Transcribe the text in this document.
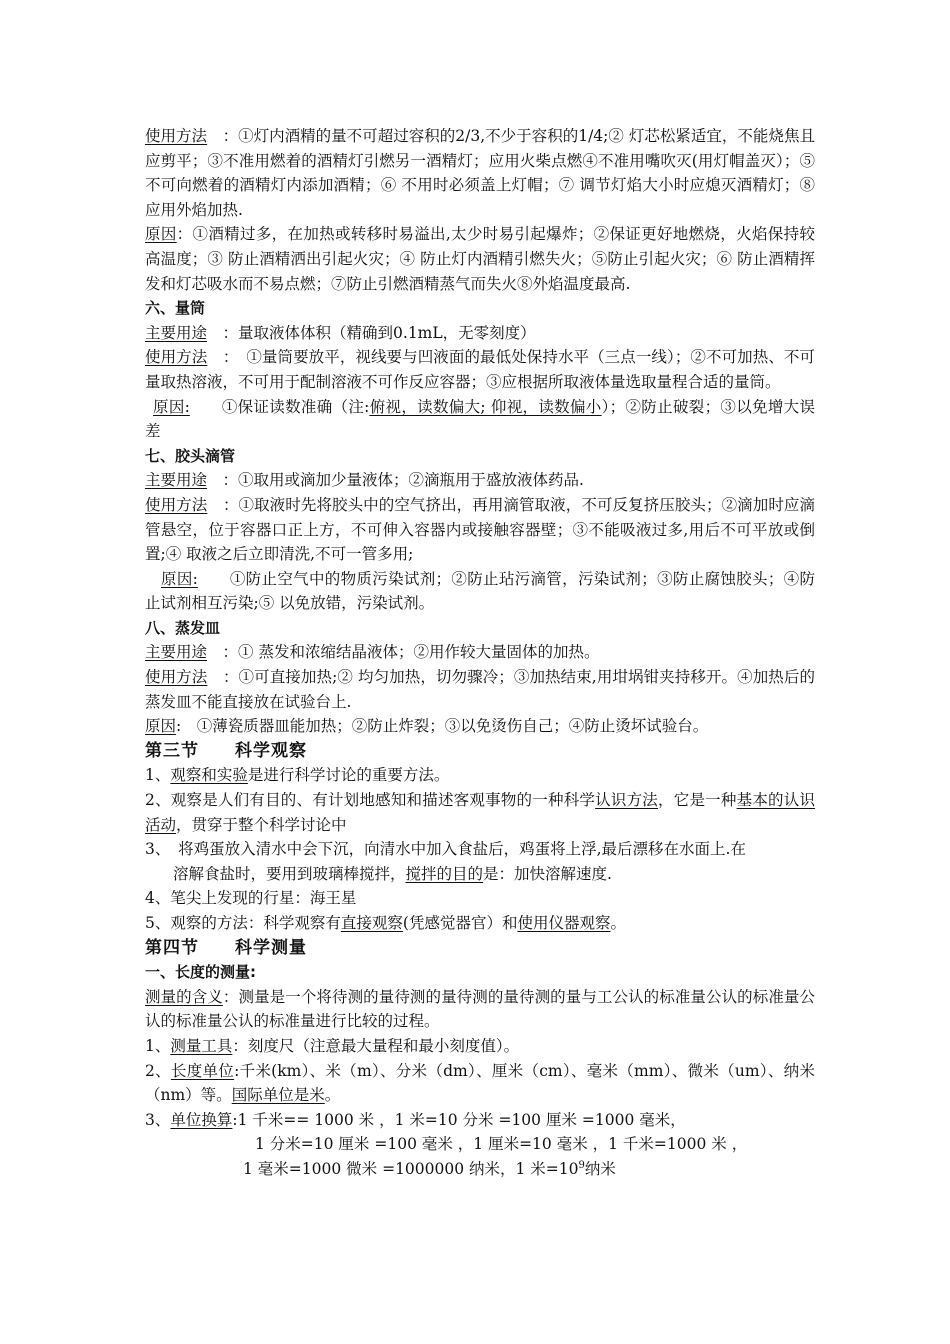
使用方法　 ：①灯内酒精的量不可超过容积的2/3,不少于容积的1/4;② 灯芯松紧适宜，不能烧焦且应剪平；③不准用燃着的酒精灯引燃另一酒精灯；应用火柴点燃④不准用嘴吹灭(用灯帽盖灭）；⑤不可向燃着的酒精灯内添加酒精；⑥ 不用时必须盖上灯帽；⑦ 调节灯焰大小时应熄灭酒精灯；⑧应用外焰加热.

原因：①酒精过多，在加热或转移时易溢出,太少时易引起爆炸；②保证更好地燃烧，火焰保持较高温度；③ 防止酒精洒出引起火灾；④ 防止灯内酒精引燃失火；⑤防止引起火灾；⑥ 防止酒精挥发和灯芯吸水而不易点燃；⑦防止引燃酒精蒸气而失火⑧外焰温度最高.

六、量筒

主要用途　 ：量取液体体积（精确到0.1mL，无零刻度）

使用方法　 ：　①量筒要放平，视线要与凹液面的最低处保持水平（三点一线）；②不可加热、不可量取热溶液，不可用于配制溶液不可作反应容器；③应根据所取液体量选取量程合适的量筒。

原因:　　①保证读数准确（注:俯视，读数偏大; 仰视，读数偏小）；②防止破裂；③以免增大误差

七、胶头滴管

主要用途　 ：①取用或滴加少量液体；②滴瓶用于盛放液体药品.

使用方法　 ：①取液时先将胶头中的空气挤出，再用滴管取液，不可反复挤压胶头；②滴加时应滴管悬空，位于容器口正上方，不可伸入容器内或接触容器壁；③不能吸液过多,用后不可平放或倒置;④ 取液之后立即清洗,不可一管多用;

原因:　　①防止空气中的物质污染试剂；②防止玷污滴管，污染试剂；③防止腐蚀胶头；④防止试剂相互污染;⑤ 以免放错，污染试剂。

八、蒸发皿

主要用途　 ：① 蒸发和浓缩结晶液体；②用作较大量固体的加热。

使用方法　 ：①可直接加热;② 均匀加热，切勿骤冷；③加热结束,用坩埚钳夹持移开。④加热后的蒸发皿不能直接放在试验台上.

原因:　①薄瓷质器皿能加热；②防止炸裂；③以免烫伤自己；④防止烫坏试验台。

第三节 科学观察

1、观察和实验是进行科学讨论的重要方法。

2、观察是人们有目的、有计划地感知和描述客观事物的一种科学认识方法，它是一种基本的认识活动，贯穿于整个科学讨论中

3、　将鸡蛋放入清水中会下沉，向清水中加入食盐后，鸡蛋将上浮,最后漂移在水面上.在

溶解食盐时，要用到玻璃棒搅拌，搅拌的目的是：加快溶解速度.

4、笔尖上发现的行星：海王星

5、观察的方法：科学观察有直接观察(凭感觉器官）和使用仪器观察。

第四节 科学测量

一、长度的测量:

测量的含义：测量是一个将待测的量待测的量待测的量待测的量与工公认的标准量公认的标准量公认的标准量公认的标准量进行比较的过程。

1、测量工具：刻度尺（注意最大量程和最小刻度值）。

2、长度单位:千米(km）、米（m）、分米（dm）、厘米（cm）、毫米（mm）、微米（um）、纳米（nm）等。国际单位是米。

3、单位换算:1 千米== 1000 米 ，1 米=10 分米 =100 厘米 =1000 毫米，

1 分米=10 厘米 =100 毫米 ，1 厘米=10 毫米 ，1 千米=1000 米 ，

1 毫米=1000 微米 =1000000 纳米，1 米$=10^9$纳米
